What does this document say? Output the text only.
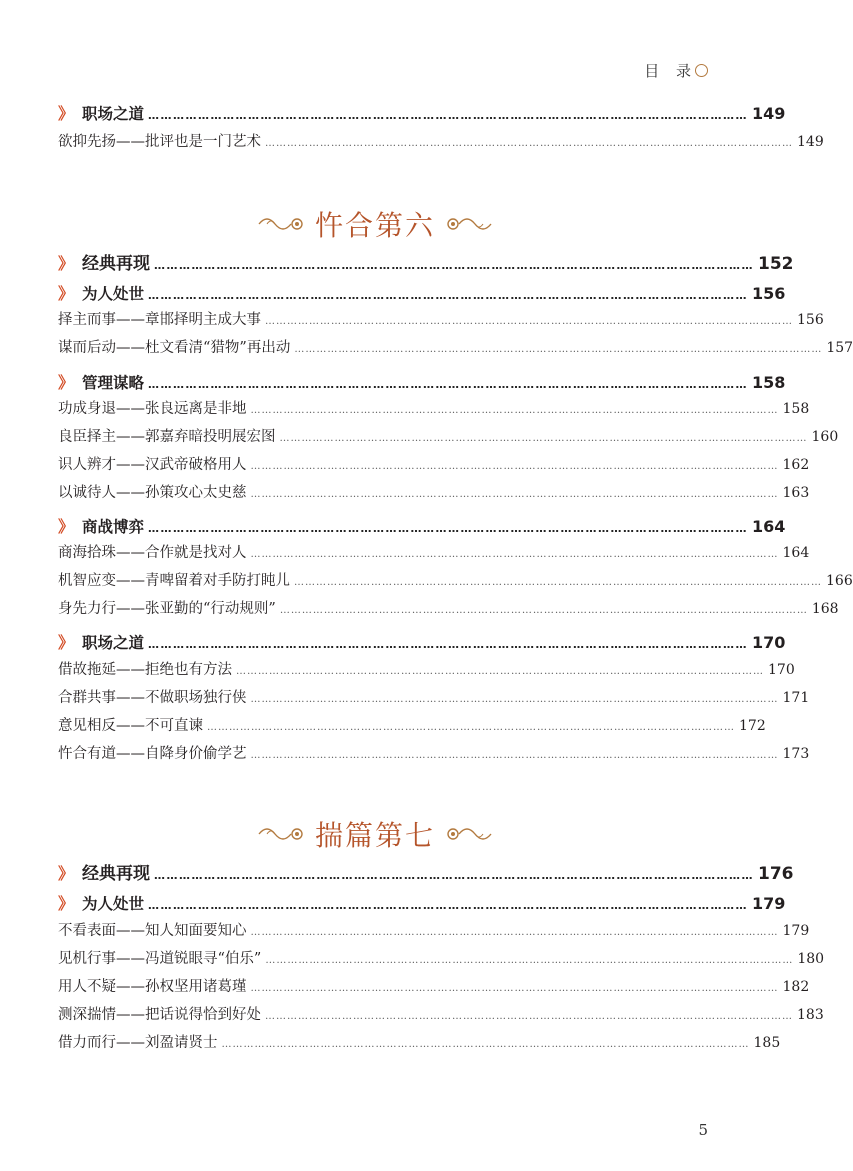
目 录
》 职场之道 ……………………………………………………………………………………………………………………………… 149
欲抑先扬——批评也是一门艺术 ……………………………………………………………………………………………………………………………… 149
忤合第六
》 经典再现 ……………………………………………………………………………………………………………………………… 152
》 为人处世 ……………………………………………………………………………………………………………………………… 156
择主而事——章邯择明主成大事 ……………………………………………………………………………………………………………………………… 156
谋而后动——杜文看清“猎物”再出动 ……………………………………………………………………………………………………………………………… 157
》 管理谋略 ……………………………………………………………………………………………………………………………… 158
功成身退——张良远离是非地 ……………………………………………………………………………………………………………………………… 158
良臣择主——郭嘉弃暗投明展宏图 ……………………………………………………………………………………………………………………………… 160
识人辨才——汉武帝破格用人 ……………………………………………………………………………………………………………………………… 162
以诚待人——孙策攻心太史慈 ……………………………………………………………………………………………………………………………… 163
》 商战博弈 ……………………………………………………………………………………………………………………………… 164
商海拾珠——合作就是找对人 ……………………………………………………………………………………………………………………………… 164
机智应变——青啤留着对手防打盹儿 ……………………………………………………………………………………………………………………………… 166
身先力行——张亚勤的“行动规则” ……………………………………………………………………………………………………………………………… 168
》 职场之道 ……………………………………………………………………………………………………………………………… 170
借故拖延——拒绝也有方法 ……………………………………………………………………………………………………………………………… 170
合群共事——不做职场独行侠 ……………………………………………………………………………………………………………………………… 171
意见相反——不可直谏 ……………………………………………………………………………………………………………………………… 172
忤合有道——自降身价偷学艺 ……………………………………………………………………………………………………………………………… 173
揣篇第七
》 经典再现 ……………………………………………………………………………………………………………………………… 176
》 为人处世 ……………………………………………………………………………………………………………………………… 179
不看表面——知人知面要知心 ……………………………………………………………………………………………………………………………… 179
见机行事——冯道锐眼寻“伯乐” ……………………………………………………………………………………………………………………………… 180
用人不疑——孙权坚用诸葛瑾 ……………………………………………………………………………………………………………………………… 182
测深揣情——把话说得恰到好处 ……………………………………………………………………………………………………………………………… 183
借力而行——刘盈请贤士 ……………………………………………………………………………………………………………………………… 185
5
